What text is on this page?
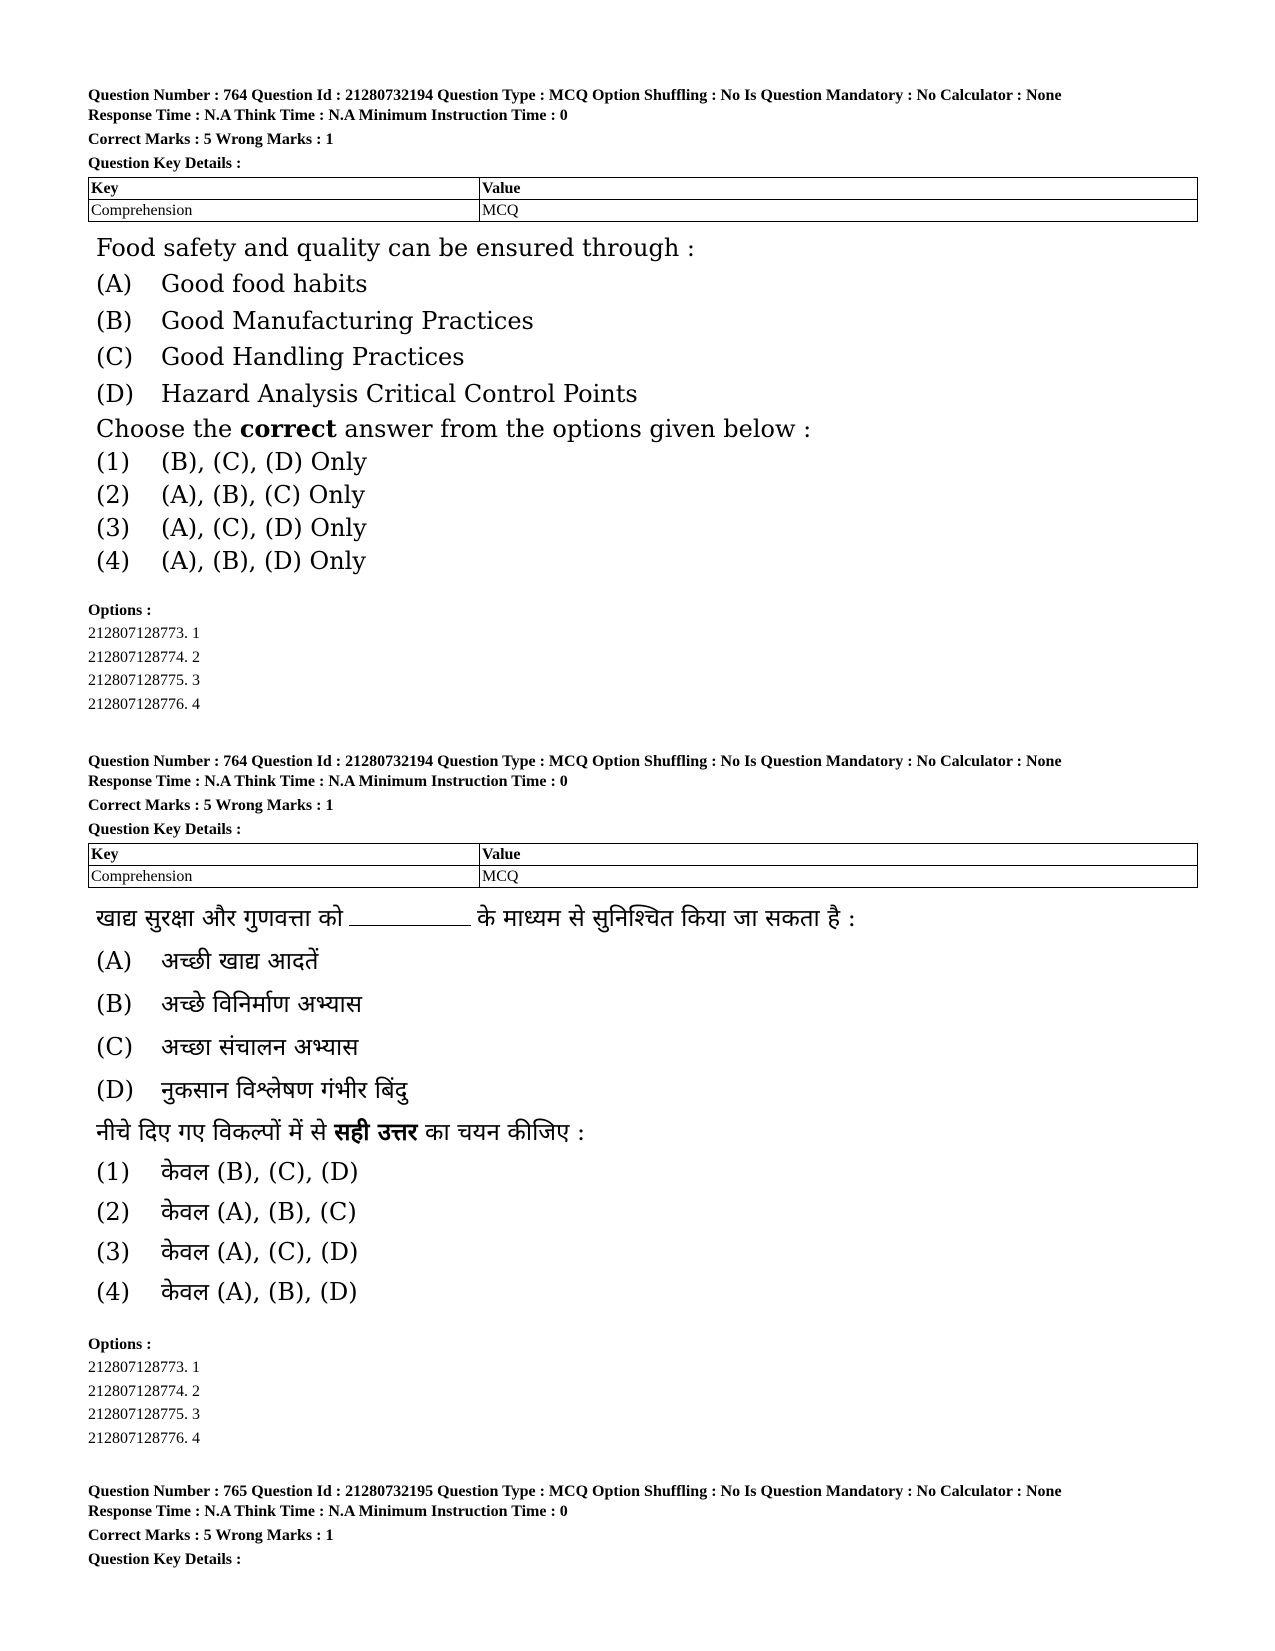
Question Number : 764 Question Id : 21280732194 Question Type : MCQ Option Shuffling : No Is Question Mandatory : No Calculator : None
Response Time : N.A Think Time : N.A Minimum Instruction Time : 0
Correct Marks : 5 Wrong Marks : 1
Question Key Details :
Key	Value
Comprehension	MCQ
Food safety and quality can be ensured through :
(A)	Good food habits
(B)	Good Manufacturing Practices
(C)	Good Handling Practices
(D)	Hazard Analysis Critical Control Points
Choose the correct answer from the options given below :
(1)	(B), (C), (D) Only
(2)	(A), (B), (C) Only
(3)	(A), (C), (D) Only
(4)	(A), (B), (D) Only
Options :
212807128773. 1
212807128774. 2
212807128775. 3
212807128776. 4
Question Number : 764 Question Id : 21280732194 Question Type : MCQ Option Shuffling : No Is Question Mandatory : No Calculator : None
Response Time : N.A Think Time : N.A Minimum Instruction Time : 0
Correct Marks : 5 Wrong Marks : 1
Question Key Details :
Key	Value
Comprehension	MCQ
खाद्य सुरक्षा और गुणवत्ता को	के माध्यम से सुनिश्चित किया जा सकता है :
(A)	अच्छी खाद्य आदतें
(B)	अच्छे विनिर्माण अभ्यास
(C)	अच्छा संचालन अभ्यास
(D)	नुकसान विश्लेषण गंभीर बिंदु
नीचे दिए गए विकल्पों में से सही उत्तर का चयन कीजिए :
(1)	केवल (B), (C), (D)
(2)	केवल (A), (B), (C)
(3)	केवल (A), (C), (D)
(4)	केवल (A), (B), (D)
Options :
212807128773. 1
212807128774. 2
212807128775. 3
212807128776. 4
Question Number : 765 Question Id : 21280732195 Question Type : MCQ Option Shuffling : No Is Question Mandatory : No Calculator : None
Response Time : N.A Think Time : N.A Minimum Instruction Time : 0
Correct Marks : 5 Wrong Marks : 1
Question Key Details :
